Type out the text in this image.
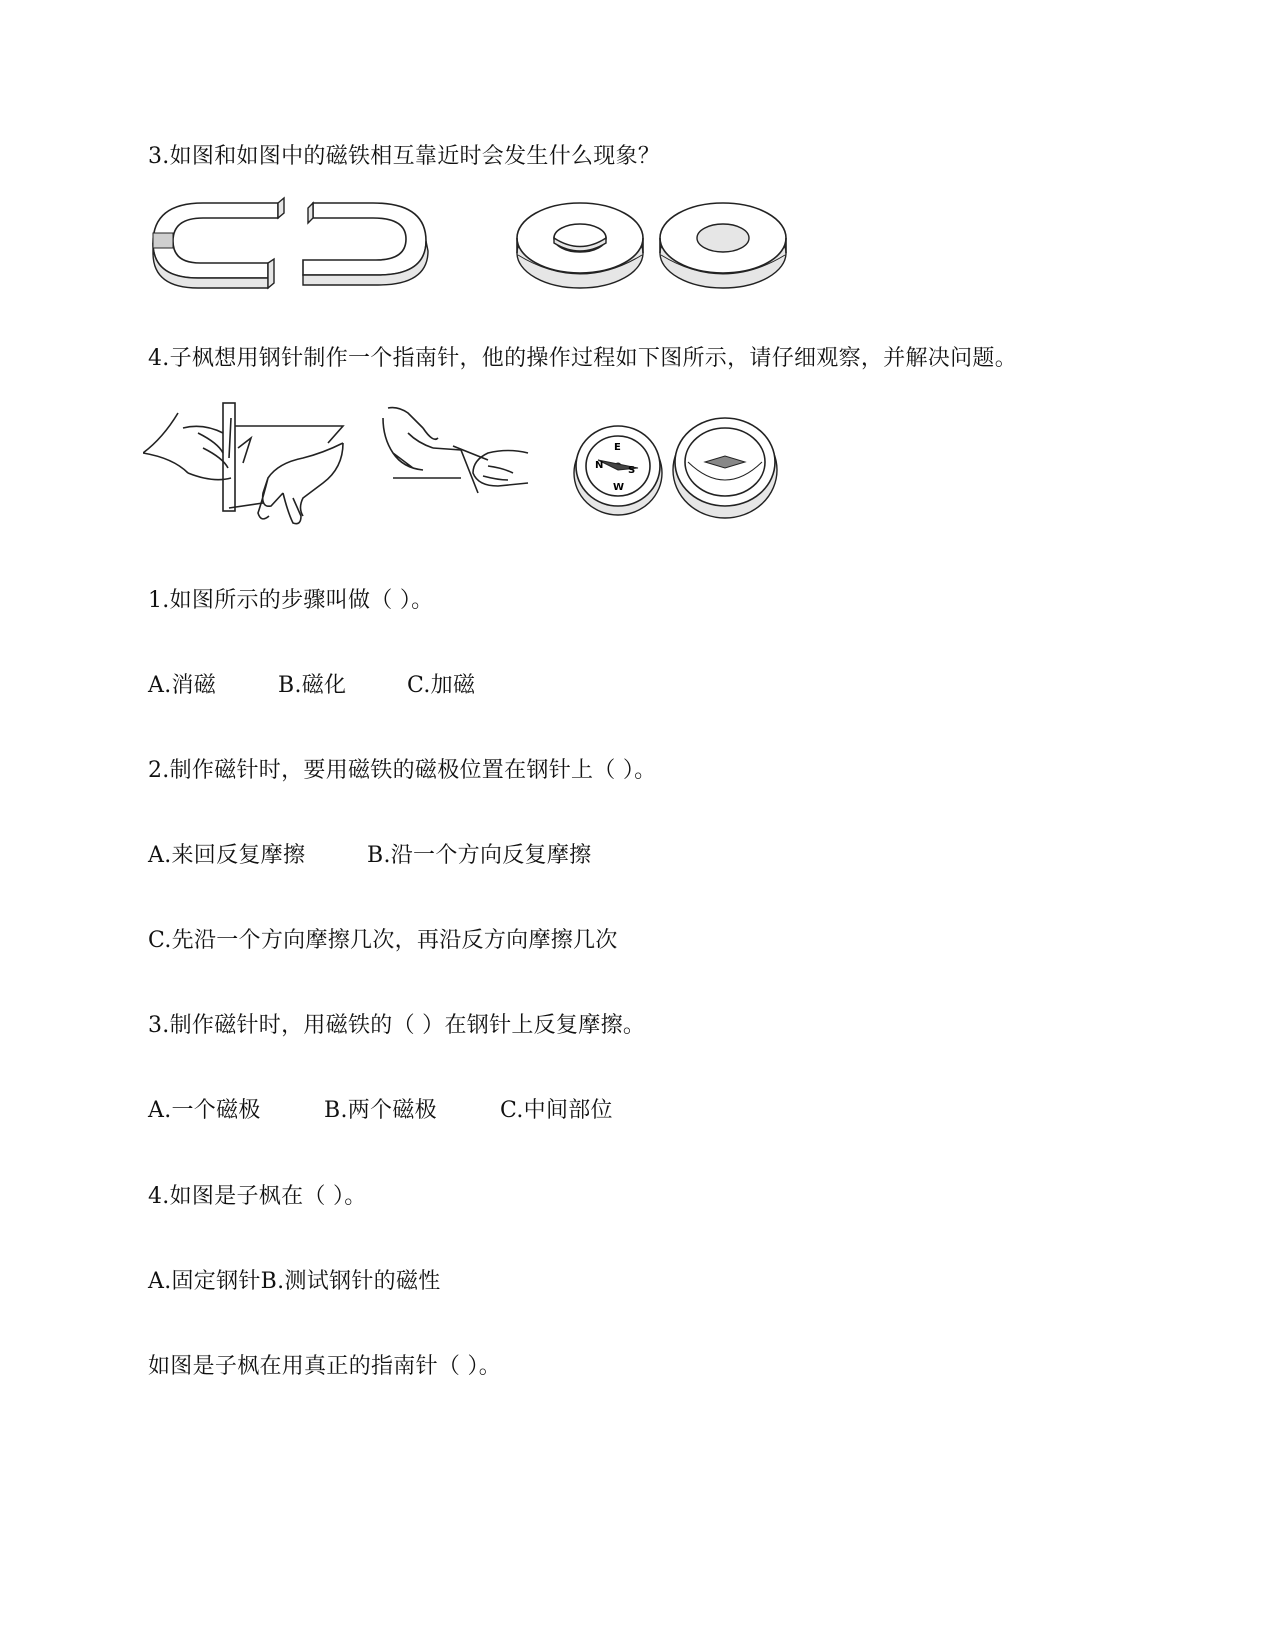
3.如图和如图中的磁铁相互靠近时会发生什么现象？
4.子枫想用钢针制作一个指南针，他的操作过程如下图所示，请仔细观察，并解决问题。
E
S
W
N
1.如图所示的步骤叫做（ ）。
A.消磁	B.磁化	C.加磁
2.制作磁针时，要用磁铁的磁极位置在钢针上（ ）。
A.来回反复摩擦	B.沿一个方向反复摩擦
C.先沿一个方向摩擦几次，再沿反方向摩擦几次
3.制作磁针时，用磁铁的（ ）在钢针上反复摩擦。
A.一个磁极	B.两个磁极	C.中间部位
4.如图是子枫在（ ）。
A.固定钢针B.测试钢针的磁性
如图是子枫在用真正的指南针（ ）。
